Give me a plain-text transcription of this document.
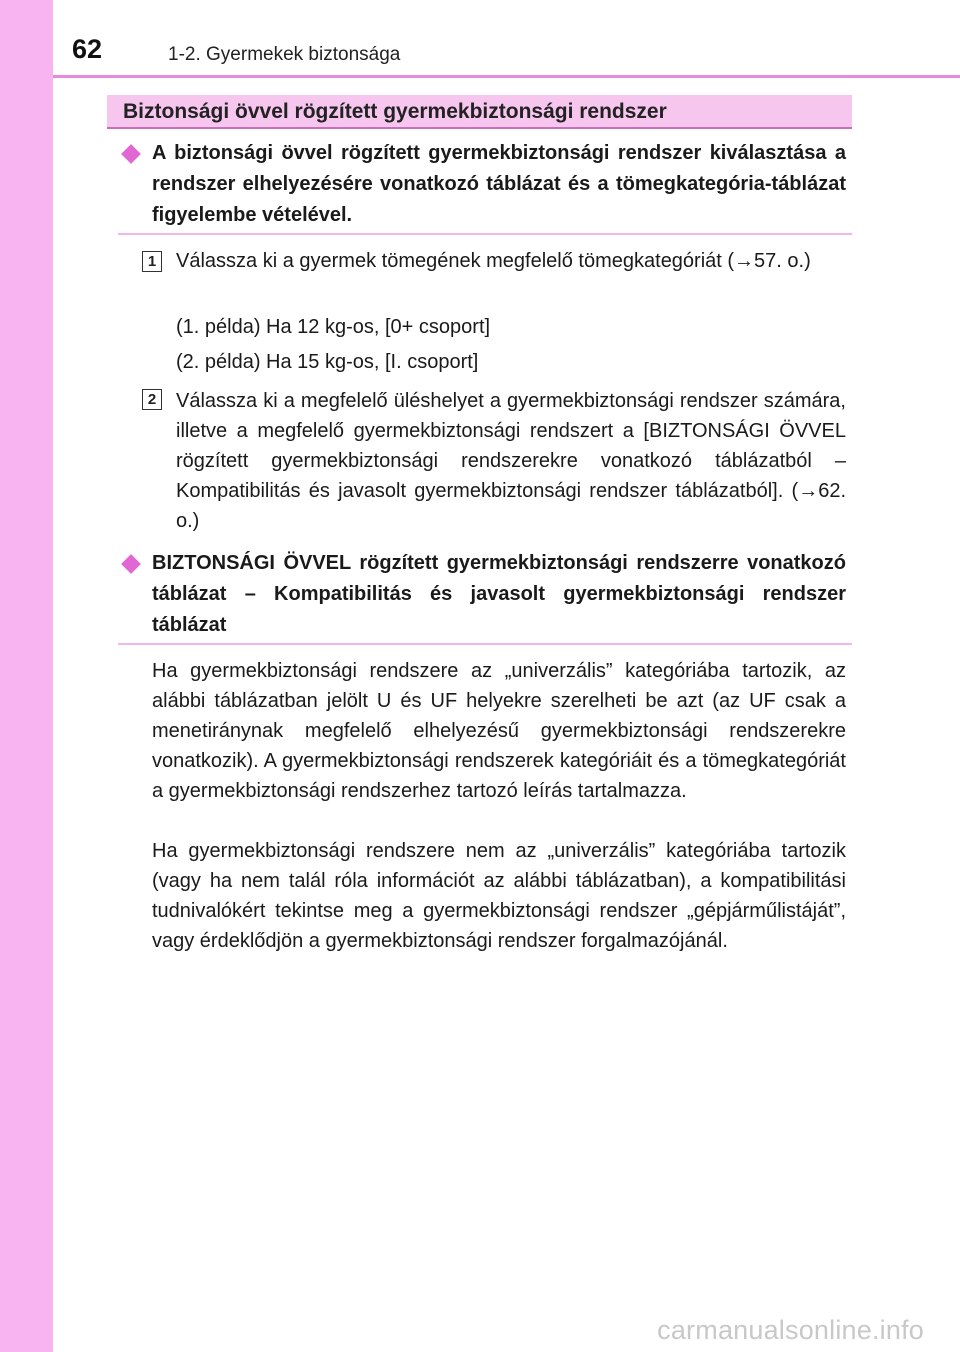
62	1-2. Gyermekek biztonsága
Biztonsági övvel rögzített gyermekbiztonsági rendszer
A biztonsági övvel rögzített gyermekbiztonsági rendszer kiválasztása a rendszer elhelyezésére vonatkozó táblázat és a tömegkategória-táblázat figyelembe vételével.
1 Válassza ki a gyermek tömegének megfelelő tömegkategóriát (→57. o.)
(1. példa) Ha 12 kg-os, [0+ csoport]
(2. példa) Ha 15 kg-os, [I. csoport]
2 Válassza ki a megfelelő üléshelyet a gyermekbiztonsági rendszer számára, illetve a megfelelő gyermekbiztonsági rendszert a [BIZTONSÁGI ÖVVEL rögzített gyermekbiztonsági rendszerekre vonatkozó táblázatból – Kompatibilitás és javasolt gyermekbiztonsági rendszer táblázatból]. (→62. o.)
BIZTONSÁGI ÖVVEL rögzített gyermekbiztonsági rendszerre vonatkozó táblázat – Kompatibilitás és javasolt gyermekbiztonsági rendszer táblázat
Ha gyermekbiztonsági rendszere az „univerzális” kategóriába tartozik, az alábbi táblázatban jelölt U és UF helyekre szerelheti be azt (az UF csak a menetiránynak megfelelő elhelyezésű gyermekbiztonsági rendszerekre vonatkozik). A gyermekbiztonsági rendszerek kategóriáit és a tömegkategóriát a gyermekbiztonsági rendszerhez tartozó leírás tartalmazza.
Ha gyermekbiztonsági rendszere nem az „univerzális” kategóriába tartozik (vagy ha nem talál róla információt az alábbi táblázatban), a kompatibilitási tudnivalókért tekintse meg a gyermekbiztonsági rendszer „gépjárműlistáját”, vagy érdeklődjön a gyermekbiztonsági rendszer forgalmazójánál.
carmanualsonline.info
